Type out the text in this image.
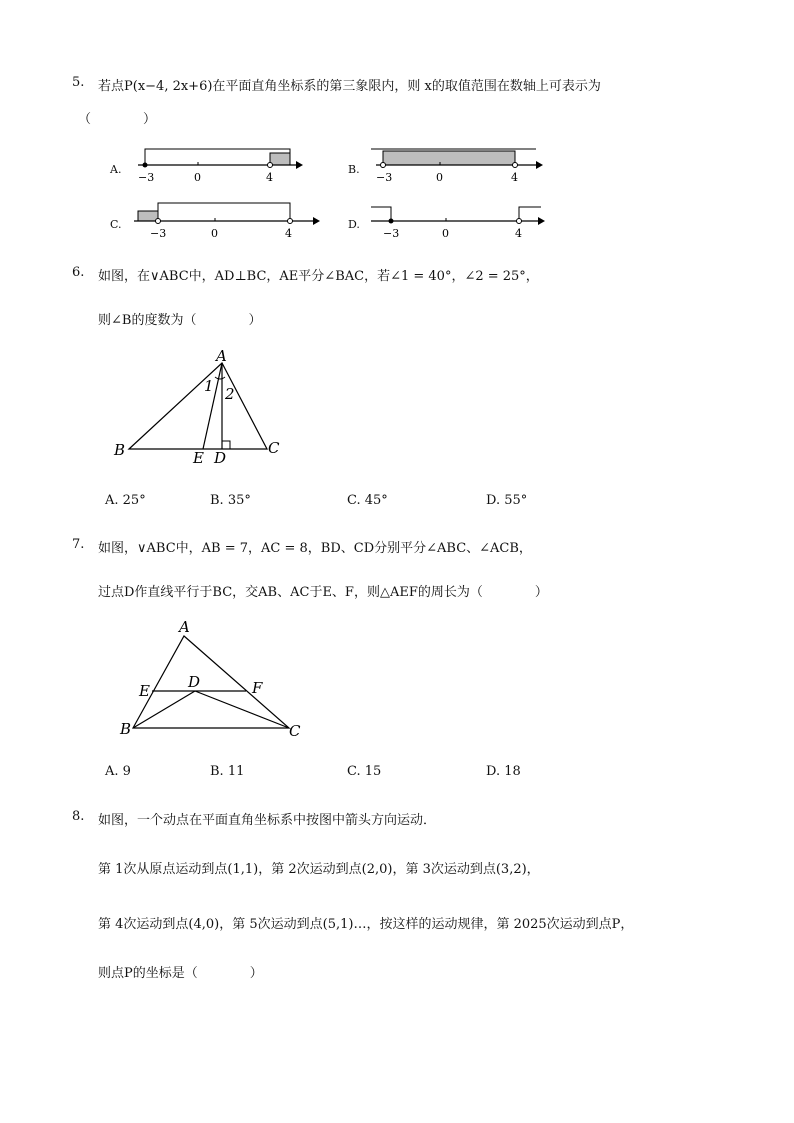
5. 若点P(x−4, 2x+6)在平面直角坐标系的第三象限内，则 x的取值范围在数轴上可表示为
（　　　　）
A.
−3	0	4
B.
−3	0	4
C.
−3	0	4
D.
−3	0	4
6. 如图，在∨ABC中，AD⊥BC，AE平分∠BAC，若∠1 = 40°，∠2 = 25°，
则∠B的度数为（　　　　）
A
B	C
D
E
1 2
A. 25°	B. 35°	C. 45°	D. 55°
7. 如图，∨ABC中，AB = 7，AC = 8，BD、CD分别平分∠ABC、∠ACB，
过点D作直线平行于BC，交AB、AC于E、F，则△AEF的周长为（　　　　）
A
B	C
D
E	F
A. 9	B. 11	C. 15	D. 18
8. 如图，一个动点在平面直角坐标系中按图中箭头方向运动．
第 1次从原点运动到点(1,1)，第 2次运动到点(2,0)，第 3次运动到点(3,2)，
第 4次运动到点(4,0)，第 5次运动到点(5,1)…，按这样的运动规律，第 2025次运动到点P，
则点P的坐标是（　　　　）
